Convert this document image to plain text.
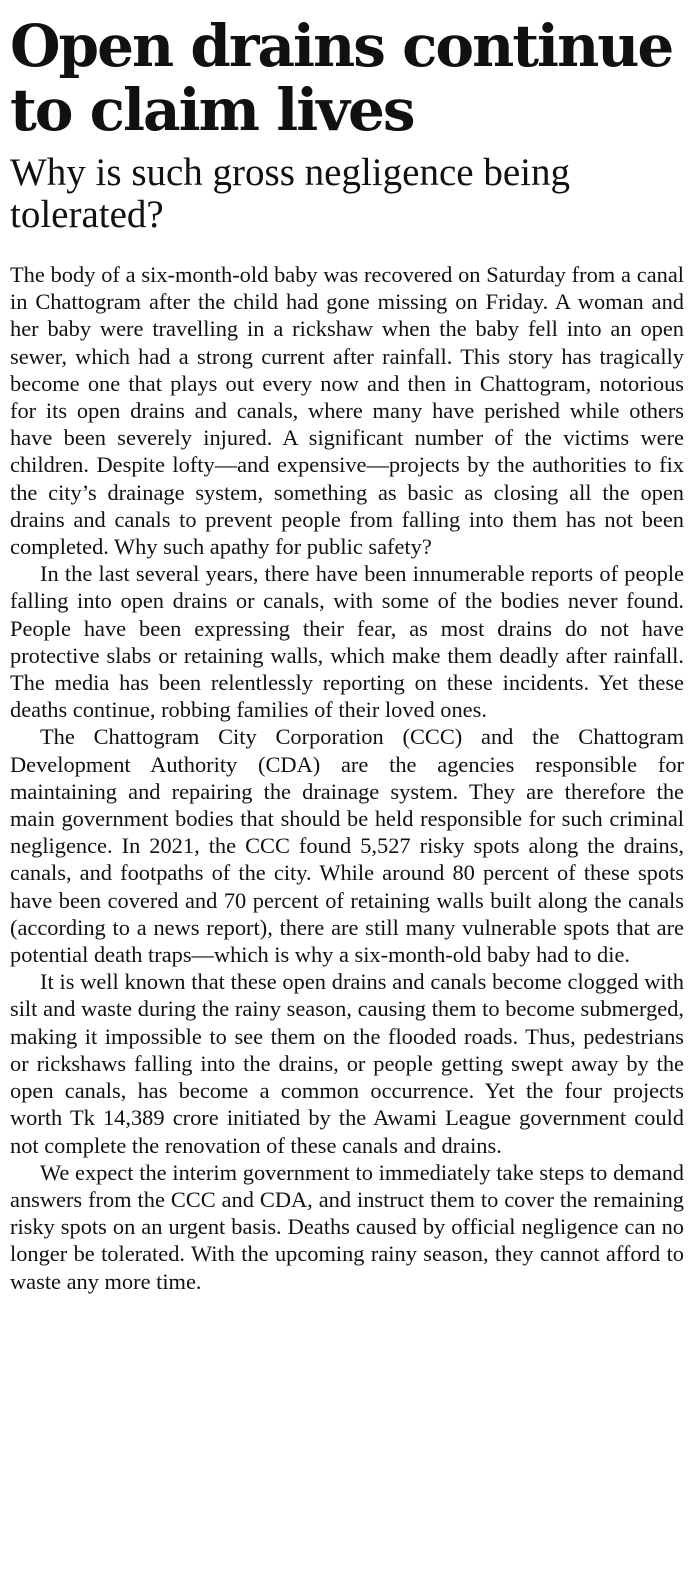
Open drains continue to claim lives
Why is such gross negligence being tolerated?

The body of a six-month-old baby was recovered on Saturday from a canal in Chattogram after the child had gone missing on Friday. A woman and her baby were travelling in a rickshaw when the baby fell into an open sewer, which had a strong current after rainfall. This story has tragically become one that plays out every now and then in Chattogram, notorious for its open drains and canals, where many have perished while others have been severely injured. A significant number of the victims were children. Despite lofty—and expensive—projects by the authorities to fix the city’s drainage system, something as basic as closing all the open drains and canals to prevent people from falling into them has not been completed. Why such apathy for public safety?

In the last several years, there have been innumerable reports of people falling into open drains or canals, with some of the bodies never found. People have been expressing their fear, as most drains do not have protective slabs or retaining walls, which make them deadly after rainfall. The media has been relentlessly reporting on these incidents. Yet these deaths continue, robbing families of their loved ones.

The Chattogram City Corporation (CCC) and the Chattogram Development Authority (CDA) are the agencies responsible for maintaining and repairing the drainage system. They are therefore the main government bodies that should be held responsible for such criminal negligence. In 2021, the CCC found 5,527 risky spots along the drains, canals, and footpaths of the city. While around 80 percent of these spots have been covered and 70 percent of retaining walls built along the canals (according to a news report), there are still many vulnerable spots that are potential death traps—which is why a six-month-old baby had to die.

It is well known that these open drains and canals become clogged with silt and waste during the rainy season, causing them to become submerged, making it impossible to see them on the flooded roads. Thus, pedestrians or rickshaws falling into the drains, or people getting swept away by the open canals, has become a common occurrence. Yet the four projects worth Tk 14,389 crore initiated by the Awami League government could not complete the renovation of these canals and drains.

We expect the interim government to immediately take steps to demand answers from the CCC and CDA, and instruct them to cover the remaining risky spots on an urgent basis. Deaths caused by official negligence can no longer be tolerated. With the upcoming rainy season, they cannot afford to waste any more time.
